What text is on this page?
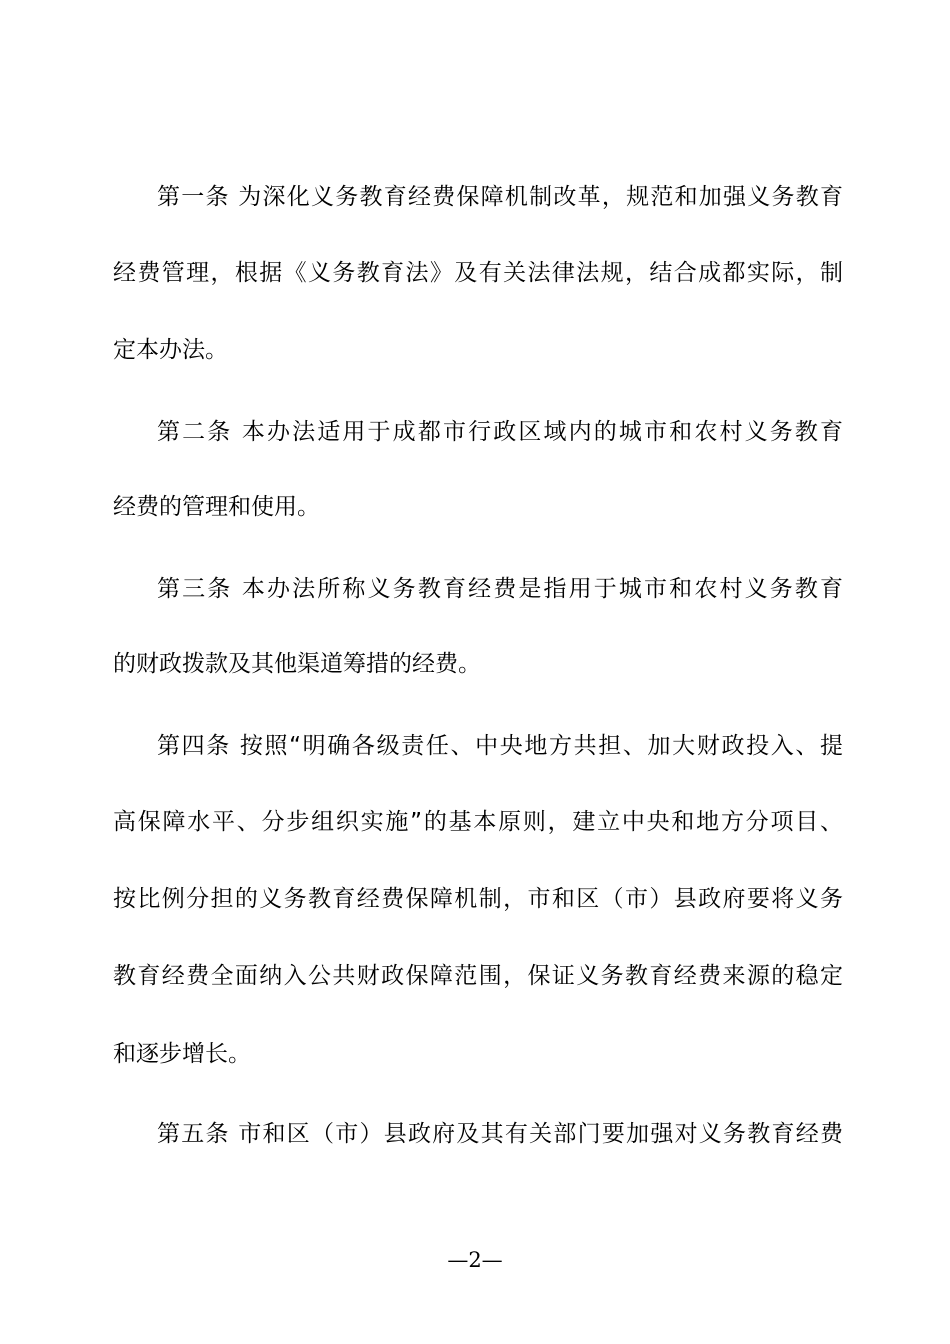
第一条 为深化义务教育经费保障机制改革，规范和加强义务教育
经费管理，根据《义务教育法》及有关法律法规，结合成都实际，制
定本办法。
第二条 本办法适用于成都市行政区域内的城市和农村义务教育
经费的管理和使用。
第三条 本办法所称义务教育经费是指用于城市和农村义务教育
的财政拨款及其他渠道筹措的经费。
第四条 按照“明确各级责任、中央地方共担、加大财政投入、提
高保障水平、分步组织实施”的基本原则，建立中央和地方分项目、
按比例分担的义务教育经费保障机制，市和区（市）县政府要将义务
教育经费全面纳入公共财政保障范围，保证义务教育经费来源的稳定
和逐步增长。
第五条 市和区（市）县政府及其有关部门要加强对义务教育经费
—2—
